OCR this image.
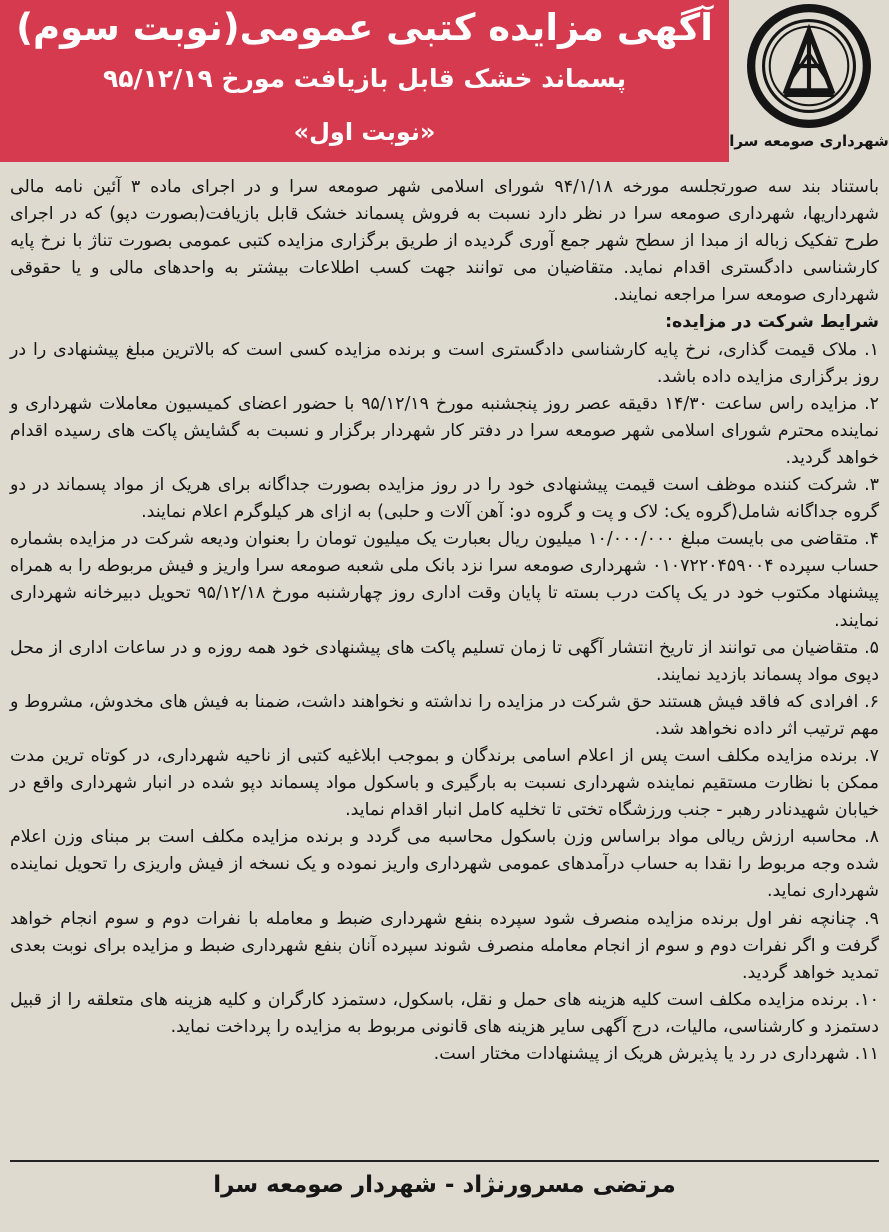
آگهی مزایده کتبی عمومی(نوبت سوم)
پسماند خشک قابل بازیافت مورخ ۹۵/۱۲/۱۹
«نوبت اول»	شهرداری صومعه سرا

باستناد بند سه صورتجلسه مورخه ۹۴/۱/۱۸ شورای اسلامی شهر صومعه سرا و در اجرای ماده ۳ آئین نامه مالی شهرداریها، شهرداری صومعه سرا در نظر دارد نسبت به فروش پسماند خشک قابل بازیافت(بصورت دپو) که در اجرای طرح تفکیک زباله از مبدا از سطح شهر جمع آوری گردیده از طریق برگزاری مزایده کتبی عمومی بصورت تناژ با نرخ پایه کارشناسی دادگستری اقدام نماید. متقاضیان می توانند جهت کسب اطلاعات بیشتر به واحدهای مالی و یا حقوقی شهرداری صومعه سرا مراجعه نمایند.

شرایط شرکت در مزایده:

۱. ملاک قیمت گذاری، نرخ پایه کارشناسی دادگستری است و برنده مزایده کسی است که بالاترین مبلغ پیشنهادی را در روز برگزاری مزایده داده باشد.
۲. مزایده راس ساعت ۱۴/۳۰ دقیقه عصر روز پنجشنبه مورخ ۹۵/۱۲/۱۹ با حضور اعضای کمیسیون معاملات شهرداری و نماینده محترم شورای اسلامی شهر صومعه سرا در دفتر کار شهردار برگزار و نسبت به گشایش پاکت های رسیده اقدام خواهد گردید.
۳. شرکت کننده موظف است قیمت پیشنهادی خود را در روز مزایده بصورت جداگانه برای هریک از مواد پسماند در دو گروه جداگانه شامل(گروه یک: لاک و پت و گروه دو: آهن آلات و حلبی) به ازای هر کیلوگرم اعلام نمایند.
۴. متقاضی می بایست مبلغ ۱۰/۰۰۰/۰۰۰ میلیون ریال بعبارت یک میلیون تومان را بعنوان ودیعه شرکت در مزایده بشماره حساب سپرده ۰۱۰۷۲۲۰۴۵۹۰۰۴ شهرداری صومعه سرا نزد بانک ملی شعبه صومعه سرا واریز و فیش مربوطه را به همراه پیشنهاد مکتوب خود در یک پاکت درب بسته تا پایان وقت اداری روز چهارشنبه مورخ ۹۵/۱۲/۱۸ تحویل دبیرخانه شهرداری نمایند.
۵. متقاضیان می توانند از تاریخ انتشار آگهی تا زمان تسلیم پاکت های پیشنهادی خود همه روزه و در ساعات اداری از محل دپوی مواد پسماند بازدید نمایند.
۶. افرادی که فاقد فیش هستند حق شرکت در مزایده را نداشته و نخواهند داشت، ضمنا به فیش های مخدوش، مشروط و مهم ترتیب اثر داده نخواهد شد.
۷. برنده مزایده مکلف است پس از اعلام اسامی برندگان و بموجب ابلاغیه کتبی از ناحیه شهرداری، در کوتاه ترین مدت ممکن با نظارت مستقیم نماینده شهرداری نسبت به بارگیری و باسکول مواد پسماند دپو شده در انبار شهرداری واقع در خیابان شهیدنادر رهبر - جنب ورزشگاه تختی تا تخلیه کامل انبار اقدام نماید.
۸. محاسبه ارزش ریالی مواد براساس وزن باسکول محاسبه می گردد و برنده مزایده مکلف است بر مبنای وزن اعلام شده وجه مربوط را نقدا به حساب درآمدهای عمومی شهرداری واریز نموده و یک نسخه از فیش واریزی را تحویل نماینده شهرداری نماید.
۹. چنانچه نفر اول برنده مزایده منصرف شود سپرده بنفع شهرداری ضبط و معامله با نفرات دوم و سوم انجام خواهد گرفت و اگر نفرات دوم و سوم از انجام معامله منصرف شوند سپرده آنان بنفع شهرداری ضبط و مزایده برای نوبت بعدی تمدید خواهد گردید.
۱۰. برنده مزایده مکلف است کلیه هزینه های حمل و نقل، باسکول، دستمزد کارگران و کلیه هزینه های متعلقه را از قبیل دستمزد و کارشناسی، مالیات، درج آگهی سایر هزینه های قانونی مربوط به مزایده را پرداخت نماید.
۱۱. شهرداری در رد یا پذیرش هریک از پیشنهادات مختار است.

مرتضی مسرورنژاد - شهردار صومعه سرا
